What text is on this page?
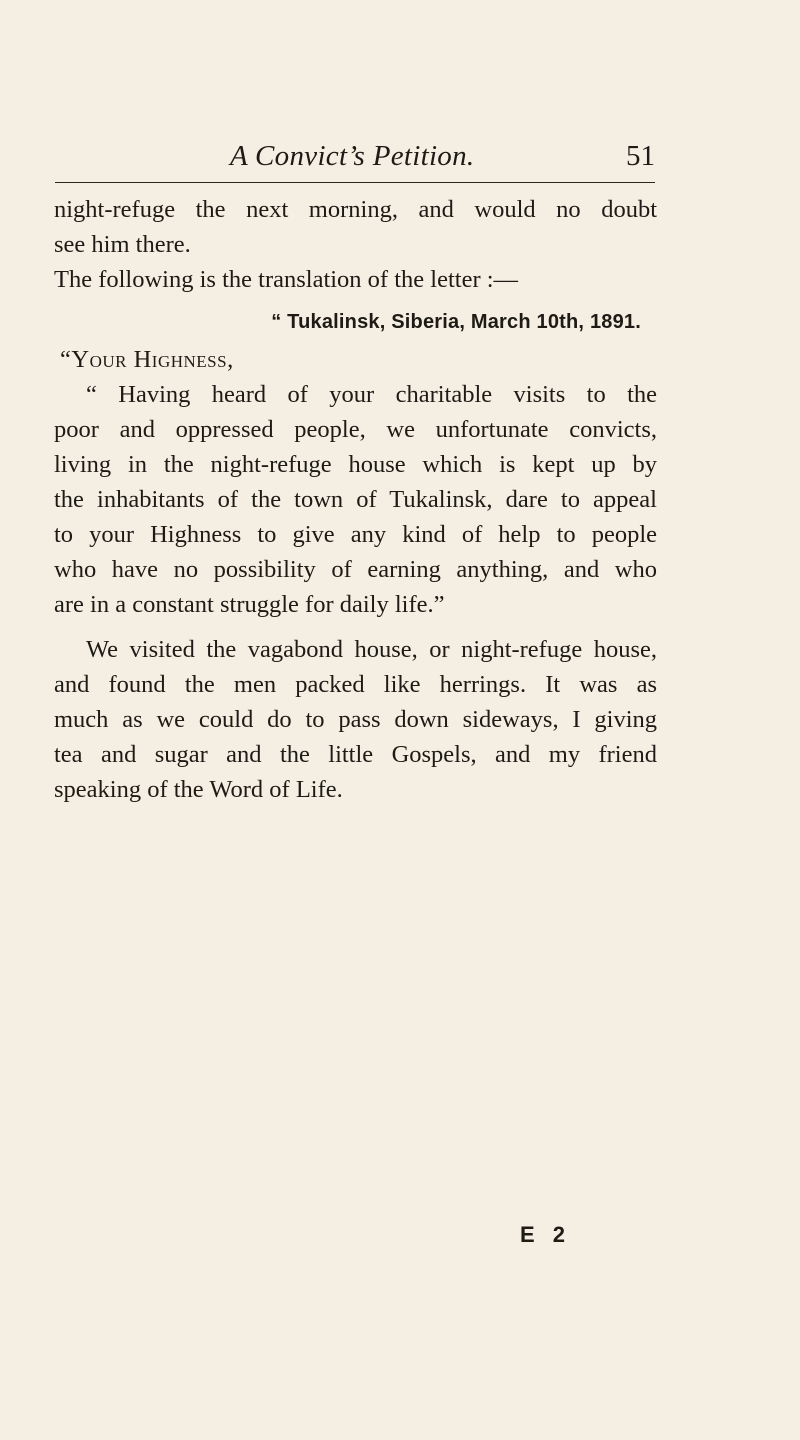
A Convict’s Petition.	51
night-refuge the next morning, and would no doubt
see him there.
The following is the translation of the letter :—
“ Tukalinsk, Siberia, March 10th, 1891.
“Your Highness,
“ Having heard of your charitable visits to the
poor and oppressed people, we unfortunate convicts,
living in the night-refuge house which is kept up by
the inhabitants of the town of Tukalinsk, dare to appeal
to your Highness to give any kind of help to people
who have no possibility of earning anything, and who
are in a constant struggle for daily life.”
We visited the vagabond house, or night-refuge house,
and found the men packed like herrings. It was as
much as we could do to pass down sideways, I giving
tea and sugar and the little Gospels, and my friend
speaking of the Word of Life.
E 2
